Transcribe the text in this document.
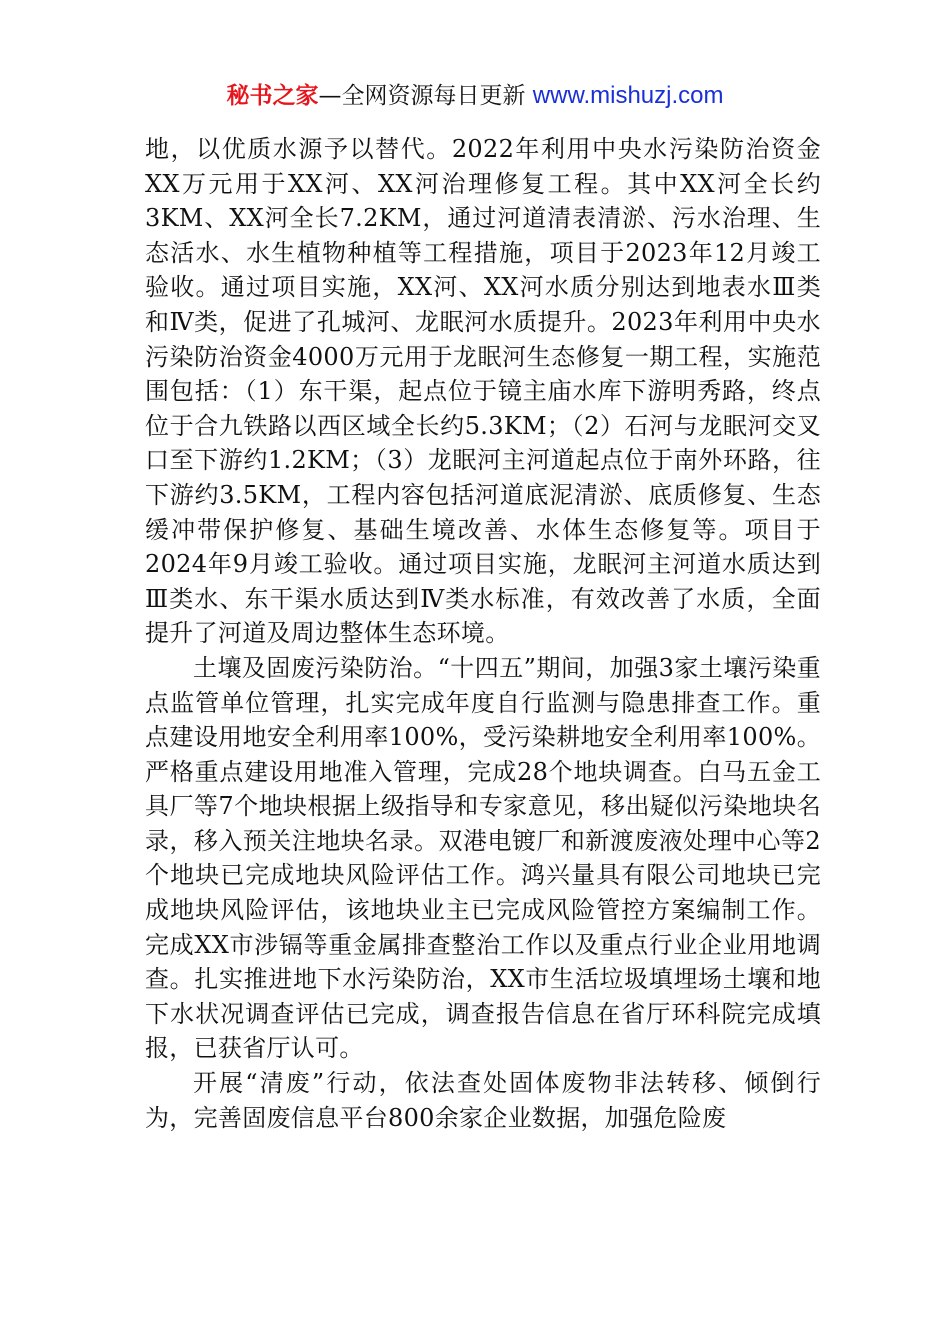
秘书之家—全网资源每日更新 www.mishuzj.com

地，以优质水源予以替代。2022年利用中央水污染防治资金XX万元用于XX河、XX河治理修复工程。其中XX河全长约3KM、XX河全长7.2KM，通过河道清表清淤、污水治理、生态活水、水生植物种植等工程措施，项目于2023年12月竣工验收。通过项目实施，XX河、XX河水质分别达到地表水Ⅲ类和Ⅳ类，促进了孔城河、龙眠河水质提升。2023年利用中央水污染防治资金4000万元用于龙眠河生态修复一期工程，实施范围包括：（1）东干渠，起点位于镜主庙水库下游明秀路，终点位于合九铁路以西区域全长约5.3KM；（2）石河与龙眠河交叉口至下游约1.2KM；（3）龙眠河主河道起点位于南外环路，往下游约3.5KM，工程内容包括河道底泥清淤、底质修复、生态缓冲带保护修复、基础生境改善、水体生态修复等。项目于2024年9月竣工验收。通过项目实施，龙眠河主河道水质达到Ⅲ类水、东干渠水质达到Ⅳ类水标准，有效改善了水质，全面提升了河道及周边整体生态环境。

土壤及固废污染防治。“十四五”期间，加强3家土壤污染重点监管单位管理，扎实完成年度自行监测与隐患排查工作。重点建设用地安全利用率100%，受污染耕地安全利用率100%。严格重点建设用地准入管理，完成28个地块调查。白马五金工具厂等7个地块根据上级指导和专家意见，移出疑似污染地块名录，移入预关注地块名录。双港电镀厂和新渡废液处理中心等2个地块已完成地块风险评估工作。鸿兴量具有限公司地块已完成地块风险评估，该地块业主已完成风险管控方案编制工作。完成XX市涉镉等重金属排查整治工作以及重点行业企业用地调查。扎实推进地下水污染防治，XX市生活垃圾填埋场土壤和地下水状况调查评估已完成，调查报告信息在省厅环科院完成填报，已获省厅认可。

开展“清废”行动，依法查处固体废物非法转移、倾倒行为，完善固废信息平台800余家企业数据，加强危险废
